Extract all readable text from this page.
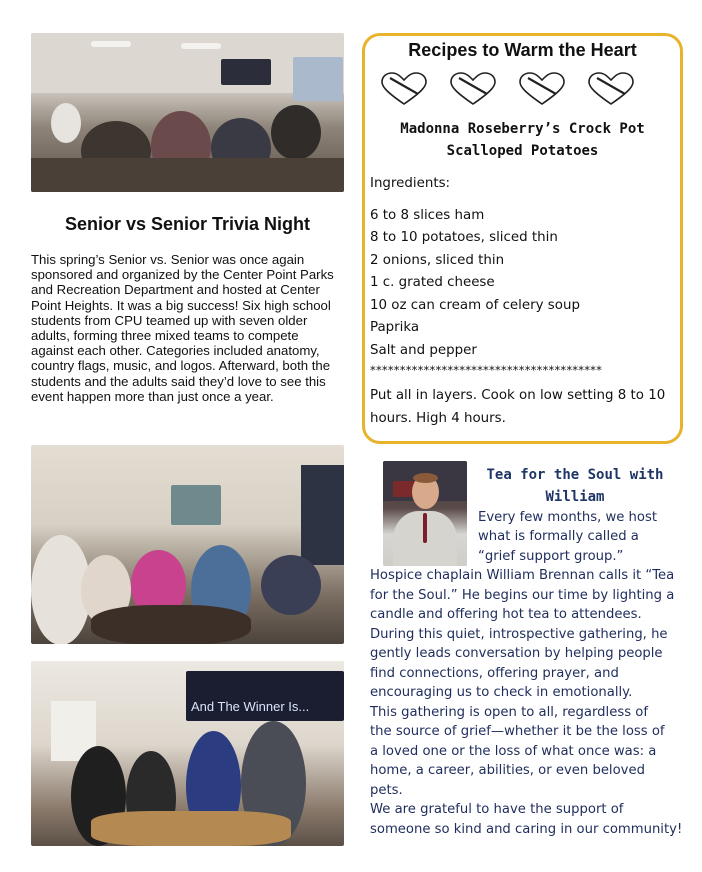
Senior vs Senior Trivia Night
This spring’s Senior vs. Senior was once again sponsored and organized by the Center Point Parks and Recreation Department and hosted at Center Point Heights. It was a big success! Six high school students from CPU teamed up with seven older adults, forming three mixed teams to compete against each other. Categories included anatomy, country flags, music, and logos. Afterward, both the students and the adults said they’d love to see this event happen more than just once a year.
And The Winner Is...
Recipes to Warm the Heart
Madonna Roseberry’s Crock Pot
Scalloped Potatoes
Ingredients:
6 to 8 slices ham
8 to 10 potatoes, sliced thin
2 onions, sliced thin
1 c. grated cheese
10 oz can cream of celery soup
Paprika
Salt and pepper
***************************************
Put all in layers. Cook on low setting 8 to 10
hours. High 4 hours.
Tea for the Soul with
William
Every few months, we host
what is formally called a
“grief support group.”
Hospice chaplain William Brennan calls it “Tea
for the Soul.” He begins our time by lighting a
candle and offering hot tea to attendees.
During this quiet, introspective gathering, he
gently leads conversation by helping people
find connections, offering prayer, and
encouraging us to check in emotionally.
This gathering is open to all, regardless of
the source of grief—whether it be the loss of
a loved one or the loss of what once was: a
home, a career, abilities, or even beloved
pets.
We are grateful to have the support of
someone so kind and caring in our community!
